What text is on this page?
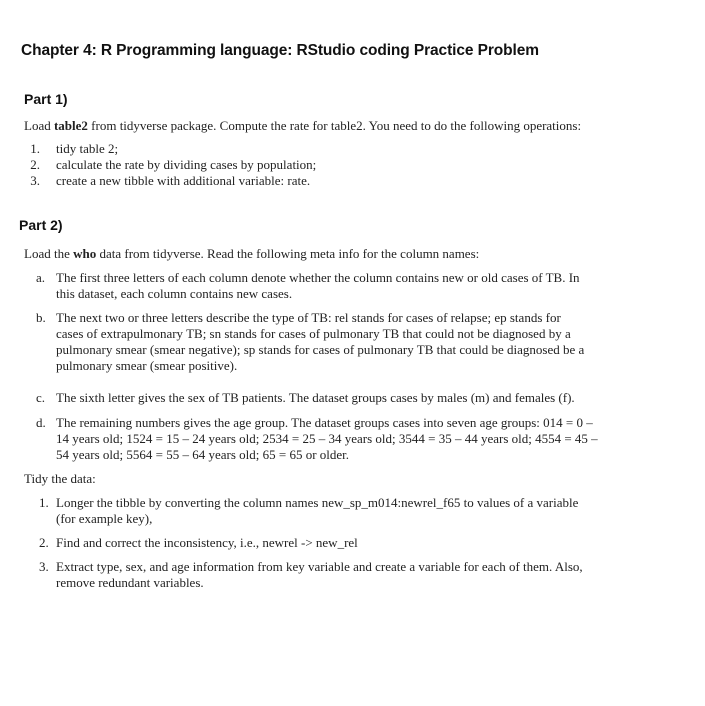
Chapter 4: R Programming language: RStudio coding Practice Problem
Part 1)

Load table2 from tidyverse package. Compute the rate for table2. You need to do the following operations:

1. tidy table 2;
2. calculate the rate by dividing cases by population;
3. create a new tibble with additional variable: rate.
Part 2)

Load the who data from tidyverse. Read the following meta info for the column names:

a. The first three letters of each column denote whether the column contains new or old cases of TB. In
this dataset, each column contains new cases.
b. The next two or three letters describe the type of TB: rel stands for cases of relapse; ep stands for
cases of extrapulmonary TB; sn stands for cases of pulmonary TB that could not be diagnosed by a
pulmonary smear (smear negative); sp stands for cases of pulmonary TB that could be diagnosed be a
pulmonary smear (smear positive).
c. The sixth letter gives the sex of TB patients. The dataset groups cases by males (m) and females (f).
d. The remaining numbers gives the age group. The dataset groups cases into seven age groups: 014 = 0 –
14 years old; 1524 = 15 – 24 years old; 2534 = 25 – 34 years old; 3544 = 35 – 44 years old; 4554 = 45 –
54 years old; 5564 = 55 – 64 years old; 65 = 65 or older.

Tidy the data:

1. Longer the tibble by converting the column names new_sp_m014:newrel_f65 to values of a variable
(for example key),
2. Find and correct the inconsistency, i.e., newrel -> new_rel
3. Extract type, sex, and age information from key variable and create a variable for each of them. Also,
remove redundant variables.
